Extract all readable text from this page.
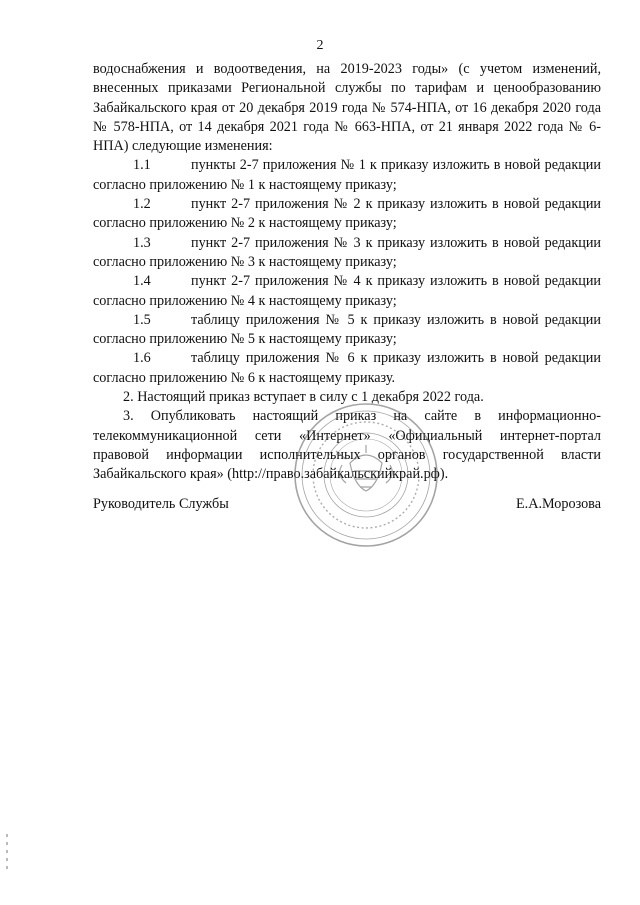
2

водоснабжения и водоотведения, на 2019-2023 годы» (с учетом изменений, внесенных приказами Региональной службы по тарифам и ценообразованию Забайкальского края от 20 декабря 2019 года № 574-НПА, от 16 декабря 2020 года № 578-НПА, от 14 декабря 2021 года № 663-НПА, от 21 января 2022 года № 6-НПА) следующие изменения:

1.1	пункты 2-7 приложения № 1 к приказу изложить в новой редакции согласно приложению № 1 к настоящему приказу;

1.2	пункт 2-7 приложения № 2 к приказу изложить в новой редакции согласно приложению № 2 к настоящему приказу;

1.3	пункт 2-7 приложения № 3 к приказу изложить в новой редакции согласно приложению № 3 к настоящему приказу;

1.4	пункт 2-7 приложения № 4 к приказу изложить в новой редакции согласно приложению № 4 к настоящему приказу;

1.5	таблицу приложения № 5 к приказу изложить в новой редакции согласно приложению № 5 к настоящему приказу;

1.6	таблицу приложения № 6 к приказу изложить в новой редакции согласно приложению № 6 к настоящему приказу.

2. Настоящий приказ вступает в силу с 1 декабря 2022 года.

3. Опубликовать настоящий приказ на сайте в информационно-телекоммуникационной сети «Интернет» «Официальный интернет-портал правовой информации исполнительных органов государственной власти Забайкальского края» (http://право.забайкальскийкрай.рф).

Руководитель Службы	Е.А.Морозова
